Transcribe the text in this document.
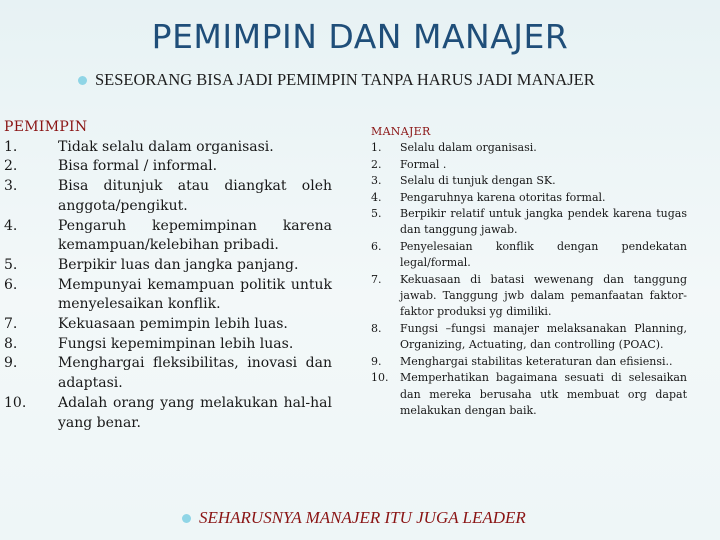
PEMIMPIN DAN MANAJER
SESEORANG BISA JADI PEMIMPIN TANPA HARUS JADI MANAJER
PEMIMPIN
1.	Tidak selalu dalam organisasi.
2.	Bisa formal / informal.
3.	Bisa ditunjuk atau diangkat oleh anggota/pengikut.
4.	Pengaruh kepemimpinan karena kemampuan/kelebihan pribadi.
5.	Berpikir luas dan jangka panjang.
6.	Mempunyai kemampuan politik untuk menyelesaikan konflik.
7.	Kekuasaan pemimpin lebih luas.
8.	Fungsi kepemimpinan lebih luas.
9.	Menghargai fleksibilitas, inovasi dan adaptasi.
10.	Adalah orang yang melakukan hal-hal yang benar.
MANAJER
1.	Selalu dalam organisasi.
2.	Formal .
3.	Selalu di tunjuk dengan SK.
4.	Pengaruhnya karena otoritas formal.
5.	Berpikir relatif untuk jangka pendek karena tugas dan tanggung jawab.
6.	Penyelesaian konflik dengan pendekatan legal/formal.
7.	Kekuasaan di batasi wewenang dan tanggung jawab. Tanggung jwb dalam pemanfaatan faktor-faktor produksi yg dimiliki.
8.	Fungsi –fungsi manajer melaksanakan Planning, Organizing, Actuating, dan controlling (POAC).
9.	Menghargai stabilitas keteraturan dan efisiensi..
10.	Memperhatikan bagaimana sesuati di selesaikan dan mereka berusaha utk membuat org dapat melakukan dengan baik.
SEHARUSNYA MANAJER ITU JUGA LEADER
